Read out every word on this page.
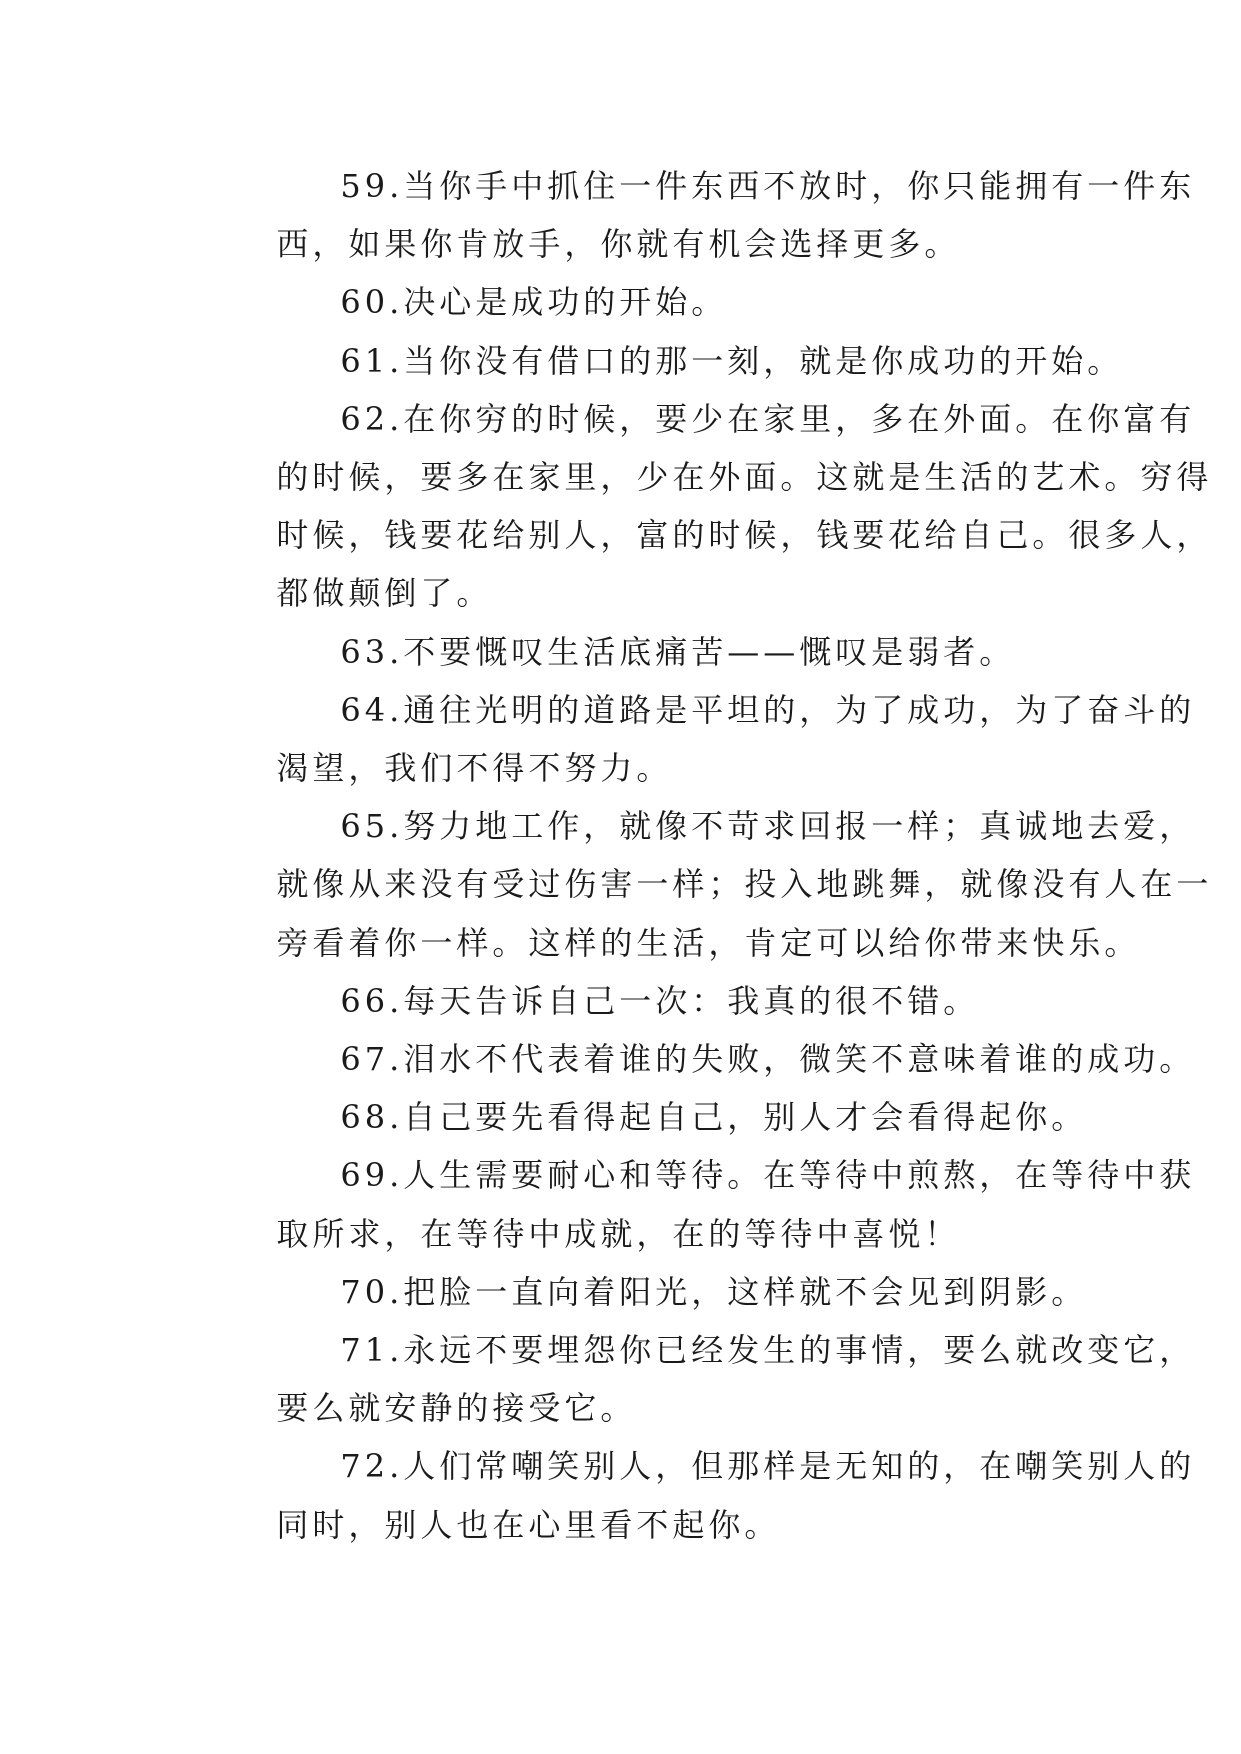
59.当你手中抓住一件东西不放时，你只能拥有一件东
西，如果你肯放手，你就有机会选择更多。

60.决心是成功的开始。

61.当你没有借口的那一刻，就是你成功的开始。

62.在你穷的时候，要少在家里，多在外面。在你富有
的时候，要多在家里，少在外面。这就是生活的艺术。穷得
时候，钱要花给别人，富的时候，钱要花给自己。很多人，
都做颠倒了。

63.不要慨叹生活底痛苦——慨叹是弱者。

64.通往光明的道路是平坦的，为了成功，为了奋斗的
渴望，我们不得不努力。

65.努力地工作，就像不苛求回报一样；真诚地去爱，
就像从来没有受过伤害一样；投入地跳舞，就像没有人在一
旁看着你一样。这样的生活，肯定可以给你带来快乐。

66.每天告诉自己一次：我真的很不错。

67.泪水不代表着谁的失败，微笑不意味着谁的成功。

68.自己要先看得起自己，别人才会看得起你。

69.人生需要耐心和等待。在等待中煎熬，在等待中获
取所求，在等待中成就，在的等待中喜悦！

70.把脸一直向着阳光，这样就不会见到阴影。

71.永远不要埋怨你已经发生的事情，要么就改变它，
要么就安静的接受它。

72.人们常嘲笑别人，但那样是无知的，在嘲笑别人的
同时，别人也在心里看不起你。
